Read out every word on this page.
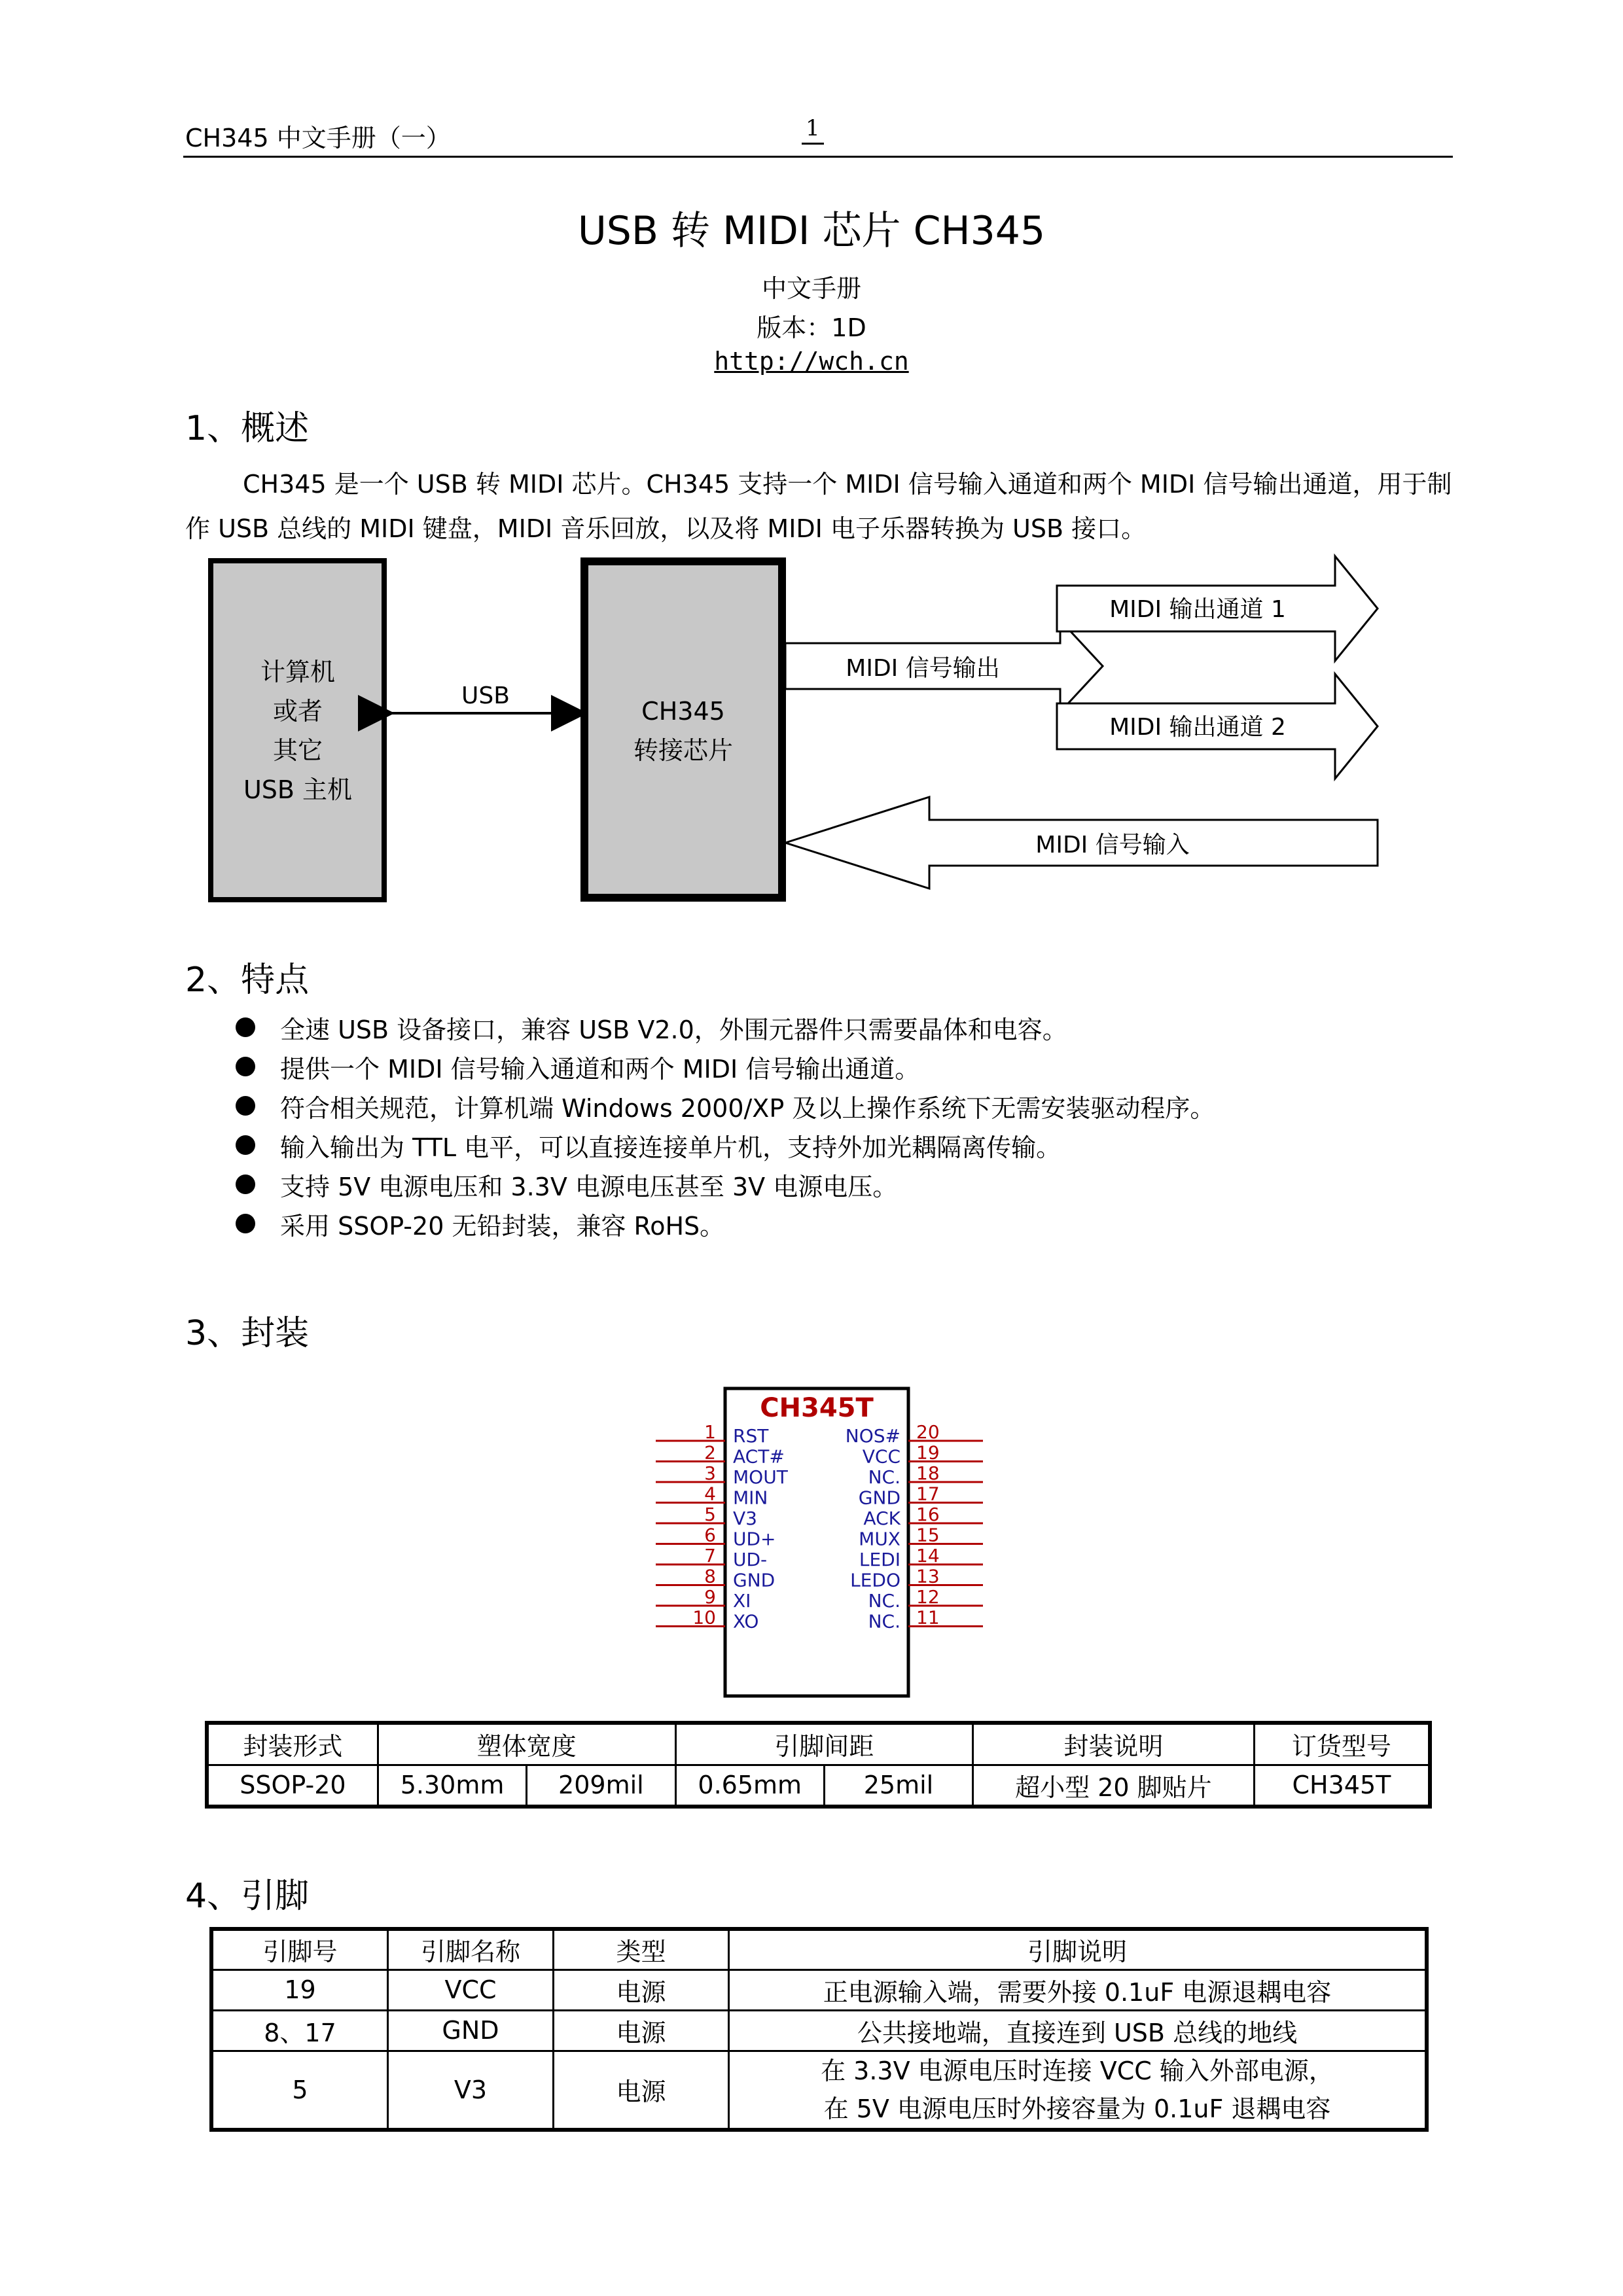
CH345 中文手册（一）	1
USB 转 MIDI 芯片 CH345
中文手册
版本：1D
http://wch.cn
1、概述
CH345 是一个 USB 转 MIDI 芯片。CH345 支持一个 MIDI 信号输入通道和两个 MIDI 信号输出通道，用于制作 USB 总线的 MIDI 键盘，MIDI 音乐回放，以及将 MIDI 电子乐器转换为 USB 接口。
计算机
或者
其它
USB 主机
USB
CH345
转接芯片
MIDI 信号输出
MIDI 输出通道 1
MIDI 输出通道 2
MIDI 信号输入
2、特点
全速 USB 设备接口，兼容 USB V2.0，外围元器件只需要晶体和电容。
提供一个 MIDI 信号输入通道和两个 MIDI 信号输出通道。
符合相关规范，计算机端 Windows 2000/XP 及以上操作系统下无需安装驱动程序。
输入输出为 TTL 电平，可以直接连接单片机，支持外加光耦隔离传输。
支持 5V 电源电压和 3.3V 电源电压甚至 3V 电源电压。
采用 SSOP-20 无铅封装，兼容 RoHS。
3、封装
CH345T
1 RST
2 ACT#
3 MOUT
4 MIN
5 V3
6 UD+
7 UD-
8 GND
9 XI
10 XO
20
NOS#
19
VCC
18
NC.
17
GND
16
ACK
15
MUX
14
LEDI
13
LEDO
12
NC.
11
NC.
封装形式	塑体宽度		引脚间距		封装说明	订货型号
SSOP-20	5.30mm	209mil	0.65mm	25mil	超小型 20 脚贴片	CH345T
4、引脚
引脚号	引脚名称	类型	引脚说明
19	VCC	电源	正电源输入端，需要外接 0.1uF 电源退耦电容
8、17	GND	电源	公共接地端，直接连到 USB 总线的地线
5	V3	电源	在 3.3V 电源电压时连接 VCC 输入外部电源，
在 5V 电源电压时外接容量为 0.1uF 退耦电容
